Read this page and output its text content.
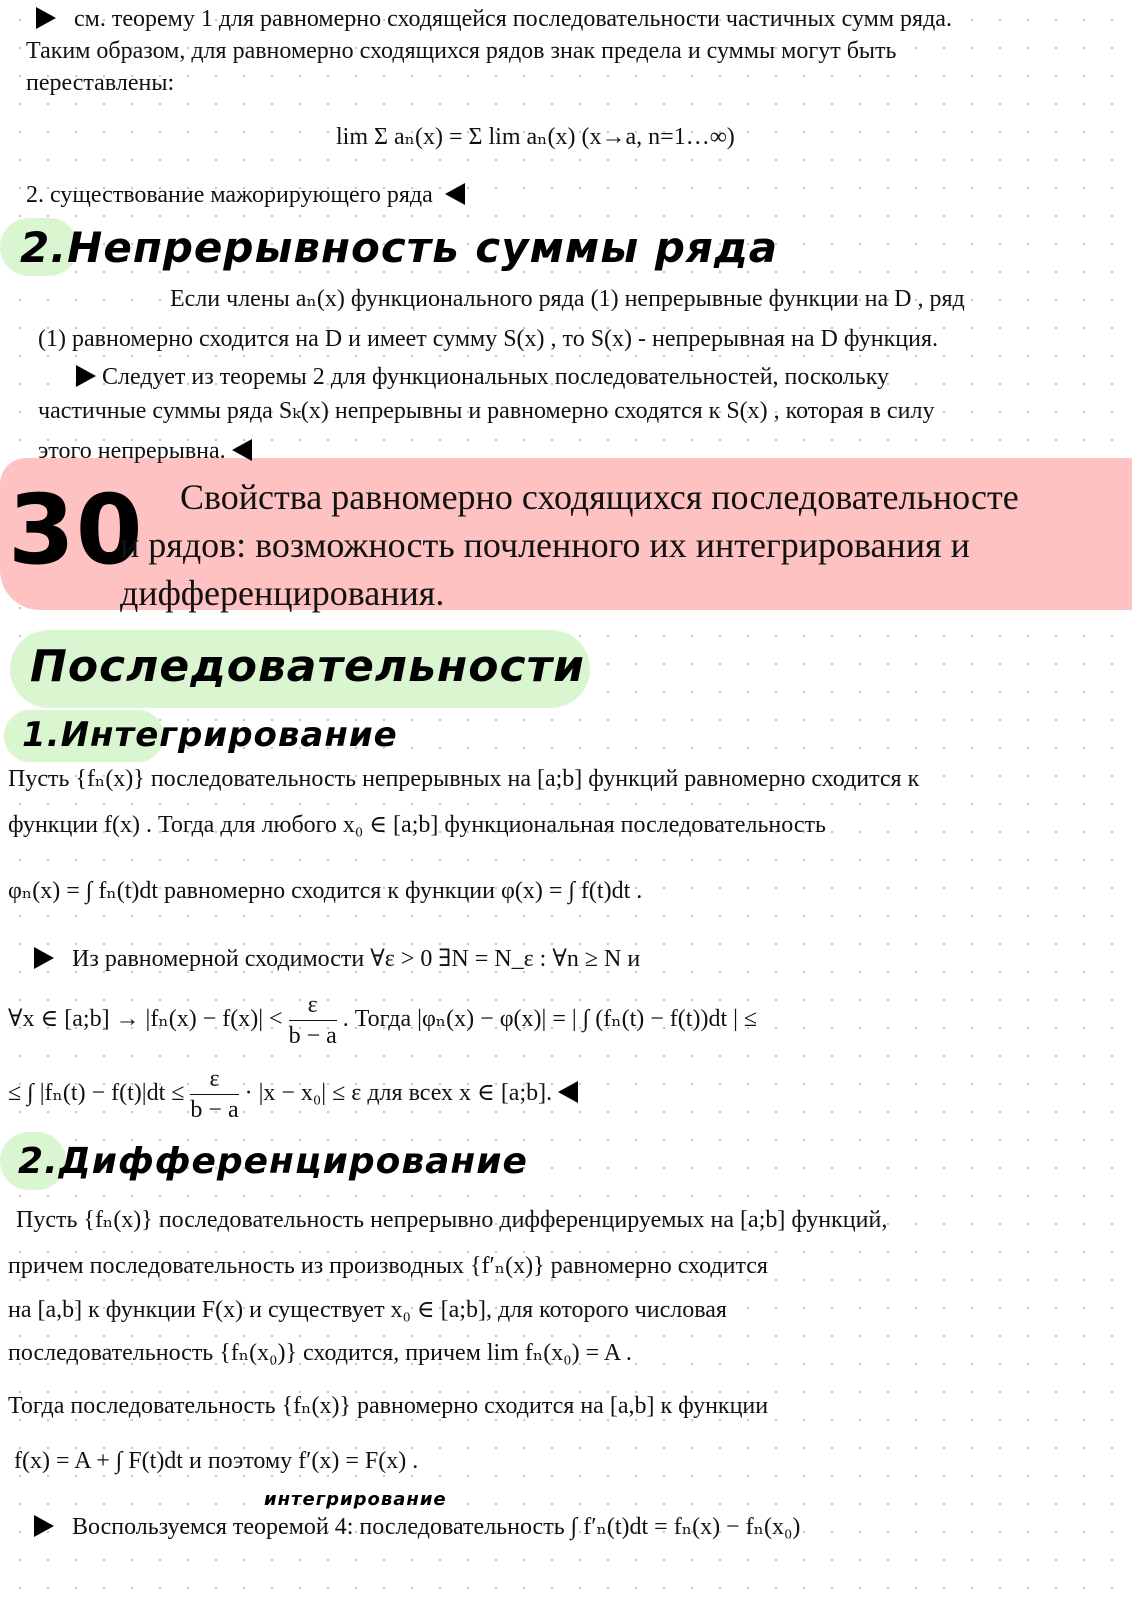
см. теорему 1 для равномерно сходящейся последовательности частичных сумм ряда.
Таким образом, для равномерно сходящихся рядов знак предела и суммы могут быть
переставлены:
lim Σ aₙ(x) = Σ lim aₙ(x) (x→a, n=1…∞)
2. существование мажорирующего ряда
2.Непрерывность суммы ряда
Если члены aₙ(x) функционального ряда (1) непрерывные функции на D , ряд
(1) равномерно сходится на D и имеет сумму S(x) , то S(x) - непрерывная на D функция.
Следует из теоремы 2 для функциональных последовательностей, поскольку
частичные суммы ряда Sₖ(x) непрерывны и равномерно сходятся к S(x) , которая в силу
этого непрерывна.
30 Свойства равномерно сходящихся последовательносте
и рядов: возможность почленного их интегрирования и
дифференцирования.
Последовательности
1.Интегрирование
Пусть {fₙ(x)} последовательность непрерывных на [a;b] функций равномерно сходится к
функции f(x) . Тогда для любого x₀ ∈ [a;b] функциональная последовательность
φₙ(x) = ∫ fₙ(t)dt равномерно сходится к функции φ(x) = ∫ f(t)dt .
Из равномерной сходимости ∀ε > 0 ∃N = N_ε : ∀n ≥ N и
∀x ∈ [a;b] → $|f_n(x) - f(x)| < \frac{\varepsilon}{b - a}$ . Тогда |φₙ(x) − φ(x)| = | ∫ (fₙ(t) − f(t))dt | ≤
≤ ∫ $|f_n(t) - f(t)|dt \le \frac{\varepsilon}{b - a} \cdot |x - x_0| \le \varepsilon$ для всех x ∈ [a;b].
2.Дифференцирование
Пусть {fₙ(x)} последовательность непрерывно дифференцируемых на [a;b] функций,
причем последовательность из производных {f′ₙ(x)} равномерно сходится
на [a,b] к функции F(x) и существует x₀ ∈ [a;b], для которого числовая
последовательность {fₙ(x₀)} сходится, причем lim fₙ(x₀) = A .
Тогда последовательность {fₙ(x)} равномерно сходится на [a,b] к функции
f(x) = A + ∫ F(t)dt и поэтому f′(x) = F(x) .
интегрирование
Воспользуемся теоремой 4: последовательность ∫ f′ₙ(t)dt = fₙ(x) − fₙ(x₀)
